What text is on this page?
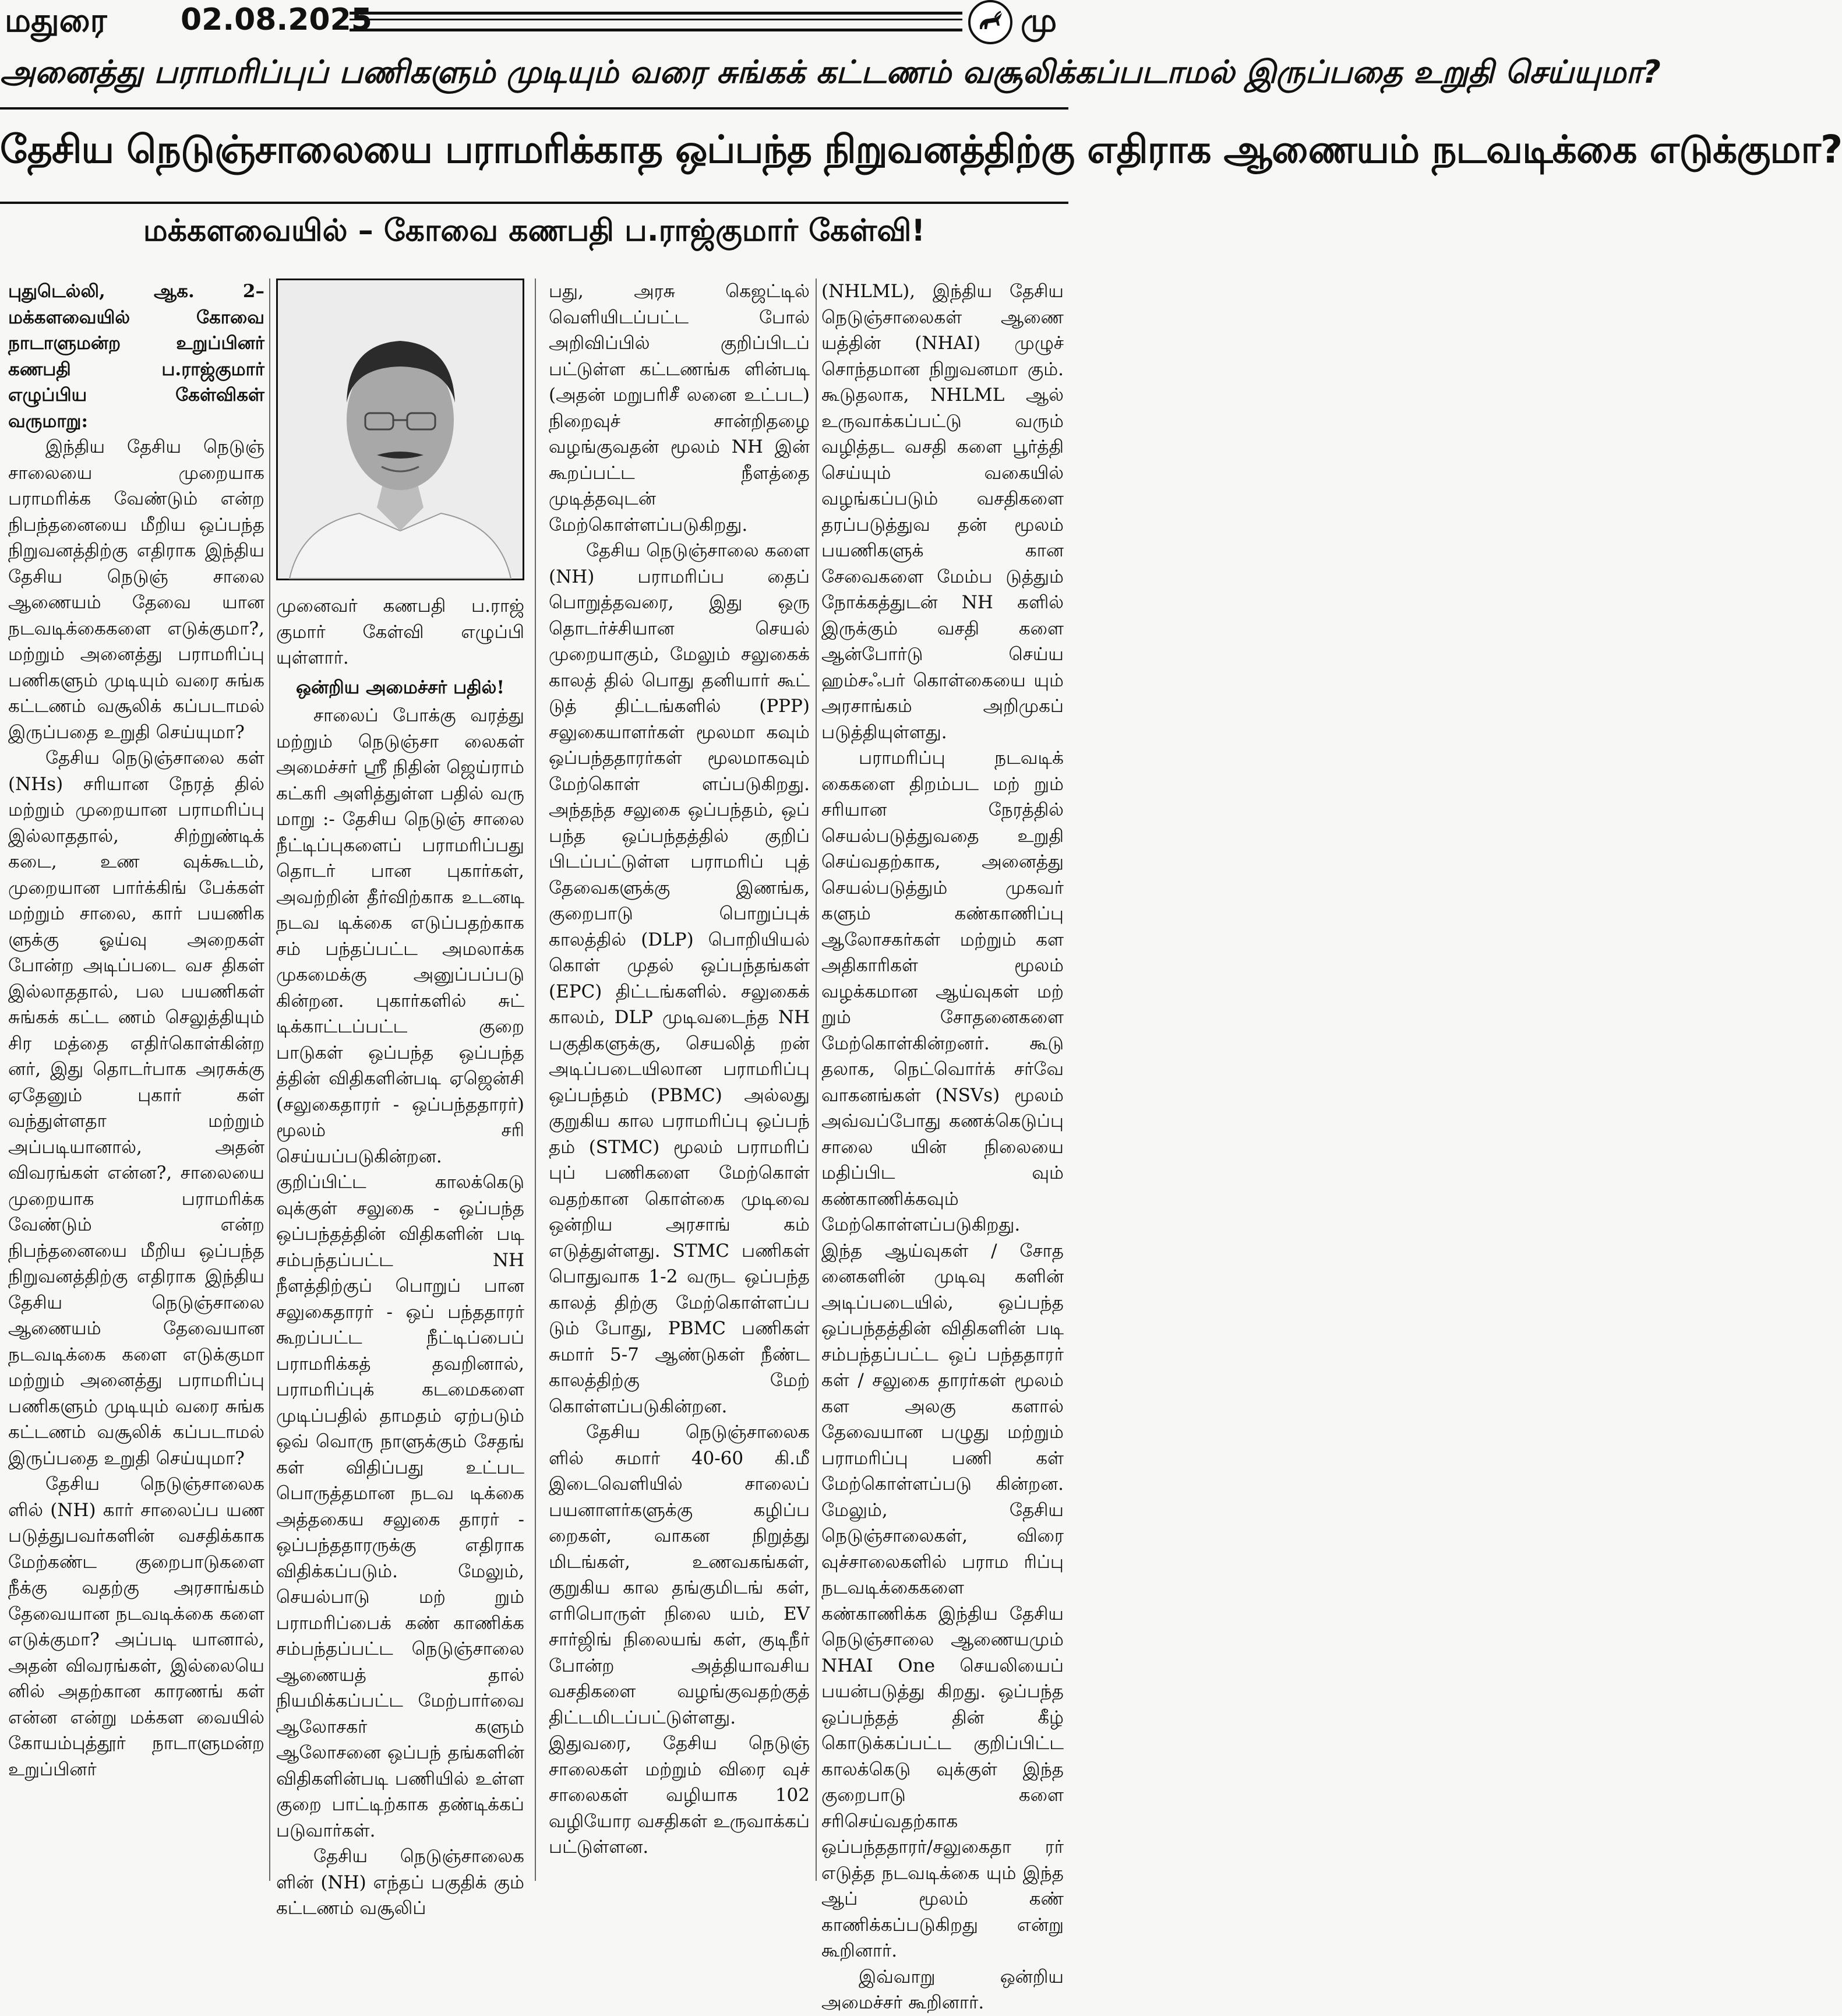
மதுரை 02.08.2025	மு
அனைத்து பராமரிப்புப் பணிகளும் முடியும் வரை சுங்கக் கட்டணம் வசூலிக்கப்படாமல் இருப்பதை உறுதி செய்யுமா?
தேசிய நெடுஞ்சாலையை பராமரிக்காத ஒப்பந்த நிறுவனத்திற்கு எதிராக ஆணையம் நடவடிக்கை எடுக்குமா?
மக்களவையில் – கோவை கணபதி ப.ராஜ்குமார் கேள்வி!

புதுடெல்லி, ஆக. 2– மக்களவையில் கோவை நாடாளுமன்ற உறுப்பினர் கணபதி ப.ராஜ்குமார் எழுப்பிய கேள்விகள் வருமாறு:

இந்திய தேசிய நெடுஞ் சாலையை முறையாக பராமரிக்க வேண்டும் என்ற நிபந்தனையை மீறிய ஒப்பந்த நிறுவனத்திற்கு எதிராக இந்திய தேசிய நெடுஞ் சாலை ஆணையம் தேவை யான நடவடிக்கைகளை எடுக்குமா?, மற்றும் அனைத்து பராமரிப்பு பணிகளும் முடியும் வரை சுங்க கட்டணம் வசூலிக் கப்படாமல் இருப்பதை உறுதி செய்யுமா?

தேசிய நெடுஞ்சாலை கள் (NHs) சரியான நேரத் தில் மற்றும் முறையான பராமரிப்பு இல்லாததால், சிற்றுண்டிக் கடை, உண வுக்கூடம், முறையான பார்க்கிங் பேக்கள் மற்றும் சாலை, கார் பயணிக ளுக்கு ஓய்வு அறைகள் போன்ற அடிப்படை வச திகள் இல்லாததால், பல பயணிகள் சுங்கக் கட்ட ணம் செலுத்தியும் சிர மத்தை எதிர்கொள்கின்ற னர், இது தொடர்பாக அரசுக்கு ஏதேனும் புகார் கள் வந்துள்ளதா மற்றும் அப்படியானால், அதன் விவரங்கள் என்ன?, சாலையை முறையாக பராமரிக்க வேண்டும் என்ற நிபந்தனையை மீறிய ஒப்பந்த நிறுவனத்திற்கு எதிராக இந்திய தேசிய நெடுஞ்சாலை ஆணையம் தேவையான நடவடிக்கை களை எடுக்குமா மற்றும் அனைத்து பராமரிப்பு பணிகளும் முடியும் வரை சுங்க கட்டணம் வசூலிக் கப்படாமல் இருப்பதை உறுதி செய்யுமா?

தேசிய நெடுஞ்சாலைக ளில் (NH) கார் சாலைப்ப யண படுத்துபவர்களின் வசதிக்காக மேற்கண்ட குறைபாடுகளை நீக்கு வதற்கு அரசாங்கம் தேவையான நடவடிக்கை களை எடுக்குமா? அப்படி யானால், அதன் விவரங்கள், இல்லையெ னில் அதற்கான காரணங் கள் என்ன என்று மக்கள வையில் கோயம்புத்தூர் நாடாளுமன்ற உறுப்பினர்

முனைவர் கணபதி ப.ராஜ் குமார் கேள்வி எழுப்பி யுள்ளார்.

ஒன்றிய அமைச்சர் பதில்!

சாலைப் போக்கு வரத்து மற்றும் நெடுஞ்சா லைகள் அமைச்சர் ஸ்ரீ நிதின் ஜெய்ராம் கட்கரி அளித்துள்ள பதில் வரு மாறு :- தேசிய நெடுஞ் சாலை நீட்டிப்புகளைப் பராமரிப்பது தொடர் பான புகார்கள், அவற்றின் தீர்விற்காக உடனடி நடவ டிக்கை எடுப்பதற்காக சம் பந்தப்பட்ட அமலாக்க முகமைக்கு அனுப்பப்படு கின்றன. புகார்களில் சுட் டிக்காட்டப்பட்ட குறை பாடுகள் ஒப்பந்த ஒப்பந்த த்தின் விதிகளின்படி ஏஜென்சி (சலுகைதாரர் - ஒப்பந்ததாரர்) மூலம் சரி செய்யப்படுகின்றன. குறிப்பிட்ட காலக்கெடு வுக்குள் சலுகை - ஒப்பந்த ஒப்பந்தத்தின் விதிகளின் படி சம்பந்தப்பட்ட NH நீளத்திற்குப் பொறுப் பான சலுகைதாரர் - ஒப் பந்ததாரர் கூறப்பட்ட நீட்டிப்பைப் பராமரிக்கத் தவறினால், பராமரிப்புக் கடமைகளை முடிப்பதில் தாமதம் ஏற்படும் ஒவ் வொரு நாளுக்கும் சேதங் கள் விதிப்பது உட்பட பொருத்தமான நடவ டிக்கை அத்தகைய சலுகை தாரர் - ஒப்பந்ததாரருக்கு எதிராக விதிக்கப்படும். மேலும், செயல்பாடு மற் றும் பராமரிப்பைக் கண் காணிக்க சம்பந்தப்பட்ட நெடுஞ்சாலை ஆணையத் தால் நியமிக்கப்பட்ட மேற்பார்வை ஆலோசகர் களும் ஆலோசனை ஒப்பந் தங்களின் விதிகளின்படி பணியில் உள்ள குறை பாட்டிற்காக தண்டிக்கப் படுவார்கள்.

தேசிய நெடுஞ்சாலைக ளின் (NH) எந்தப் பகுதிக் கும் கட்டணம் வசூலிப்

பது, அரசு கெஜட்டில் வெளியிடப்பட்ட போல் அறிவிப்பில் குறிப்பிடப் பட்டுள்ள கட்டணங்க ளின்படி (அதன் மறுபரிசீ லனை உட்பட) நிறைவுச் சான்றிதழை வழங்குவதன் மூலம் NH இன் கூறப்பட்ட நீளத்தை முடித்தவுடன் மேற்கொள்ளப்படுகிறது.

தேசிய நெடுஞ்சாலை களை (NH) பராமரிப்ப தைப் பொறுத்தவரை, இது ஒரு தொடர்ச்சியான செயல் முறையாகும், மேலும் சலுகைக் காலத் தில் பொது தனியார் கூட் டுத் திட்டங்களில் (PPP) சலுகையாளர்கள் மூலமா கவும் ஒப்பந்ததாரர்கள் மூலமாகவும் மேற்கொள் ளப்படுகிறது. அந்தந்த சலுகை ஒப்பந்தம், ஒப் பந்த ஒப்பந்தத்தில் குறிப் பிடப்பட்டுள்ள பராமரிப் புத் தேவைகளுக்கு இணங்க, குறைபாடு பொறுப்புக் காலத்தில் (DLP) பொறியியல் கொள் முதல் ஒப்பந்தங்கள் (EPC) திட்டங்களில். சலுகைக் காலம், DLP முடிவடைந்த NH பகுதிகளுக்கு, செயலித் றன் அடிப்படையிலான பராமரிப்பு ஒப்பந்தம் (PBMC) அல்லது குறுகிய கால பராமரிப்பு ஒப்பந் தம் (STMC) மூலம் பராமரிப் புப் பணிகளை மேற்கொள் வதற்கான கொள்கை முடிவை ஒன்றிய அரசாங் கம் எடுத்துள்ளது. STMC பணிகள் பொதுவாக 1-2 வருட ஒப்பந்த காலத் திற்கு மேற்கொள்ளப்ப டும் போது, PBMC பணிகள் சுமார் 5-7 ஆண்டுகள் நீண்ட காலத்திற்கு மேற் கொள்ளப்படுகின்றன.

தேசிய நெடுஞ்சாலைக ளில் சுமார் 40-60 கி.மீ இடைவெளியில் சாலைப் பயனாளர்களுக்கு கழிப்ப றைகள், வாகன நிறுத்து மிடங்கள், உணவகங்கள், குறுகிய கால தங்குமிடங் கள், எரிபொருள் நிலை யம், EV சார்ஜிங் நிலையங் கள், குடிநீர் போன்ற அத்தியாவசிய வசதிகளை வழங்குவதற்குத் திட்டமிடப்பட்டுள்ளது. இதுவரை, தேசிய நெடுஞ் சாலைகள் மற்றும் விரை வுச் சாலைகள் வழியாக 102 வழியோர வசதிகள் உருவாக்கப் பட்டுள்ளன.

(NHLML), இந்திய தேசிய நெடுஞ்சாலைகள் ஆணை யத்தின் (NHAI) முழுச் சொந்தமான நிறுவனமா கும். கூடுதலாக, NHLML ஆல் உருவாக்கப்பட்டு வரும் வழித்தட வசதி களை பூர்த்தி செய்யும் வகையில் வழங்கப்படும் வசதிகளை தரப்படுத்துவ தன் மூலம் பயணிகளுக் கான சேவைகளை மேம்ப டுத்தும் நோக்கத்துடன் NH களில் இருக்கும் வசதி களை ஆன்போர்டு செய்ய ஹம்சஃபர் கொள்கையை யும் அரசாங்கம் அறிமுகப் படுத்தியுள்ளது.

பராமரிப்பு நடவடிக் கைகளை திறம்பட மற் றும் சரியான நேரத்தில் செயல்படுத்துவதை உறுதி செய்வதற்காக, அனைத்து செயல்படுத்தும் முகவர் களும் கண்காணிப்பு ஆலோசகர்கள் மற்றும் கள அதிகாரிகள் மூலம் வழக்கமான ஆய்வுகள் மற் றும் சோதனைகளை மேற்கொள்கின்றனர். கூடு தலாக, நெட்வொர்க் சர்வே வாகனங்கள் (NSVs) மூலம் அவ்வப்போது கணக்கெடுப்பு சாலை யின் நிலையை மதிப்பிட வும் கண்காணிக்கவும் மேற்கொள்ளப்படுகிறது. இந்த ஆய்வுகள் / சோத னைகளின் முடிவு களின் அடிப்படையில், ஒப்பந்த ஒப்பந்தத்தின் விதிகளின் படி சம்பந்தப்பட்ட ஒப் பந்ததாரர் கள் / சலுகை தாரர்கள் மூலம் கள அலகு களால் தேவையான பழுது மற்றும் பராமரிப்பு பணி கள் மேற்கொள்ளப்படு கின்றன. மேலும், தேசிய நெடுஞ்சாலைகள், விரை வுச்சாலைகளில் பராம ரிப்பு நடவடிக்கைகளை கண்காணிக்க இந்திய தேசிய நெடுஞ்சாலை ஆணையமும் NHAI One செயலியைப் பயன்படுத்து கிறது. ஒப்பந்த ஒப்பந்தத் தின் கீழ் கொடுக்கப்பட்ட குறிப்பிட்ட காலக்கெடு வுக்குள் இந்த குறைபாடு களை சரிசெய்வதற்காக ஒப்பந்ததாரர்/சலுகைதா ரர் எடுத்த நடவடிக்கை யும் இந்த ஆப் மூலம் கண் காணிக்கப்படுகிறது என்று கூறினார்.

இவ்வாறு ஒன்றிய அமைச்சர் கூறினார்.
